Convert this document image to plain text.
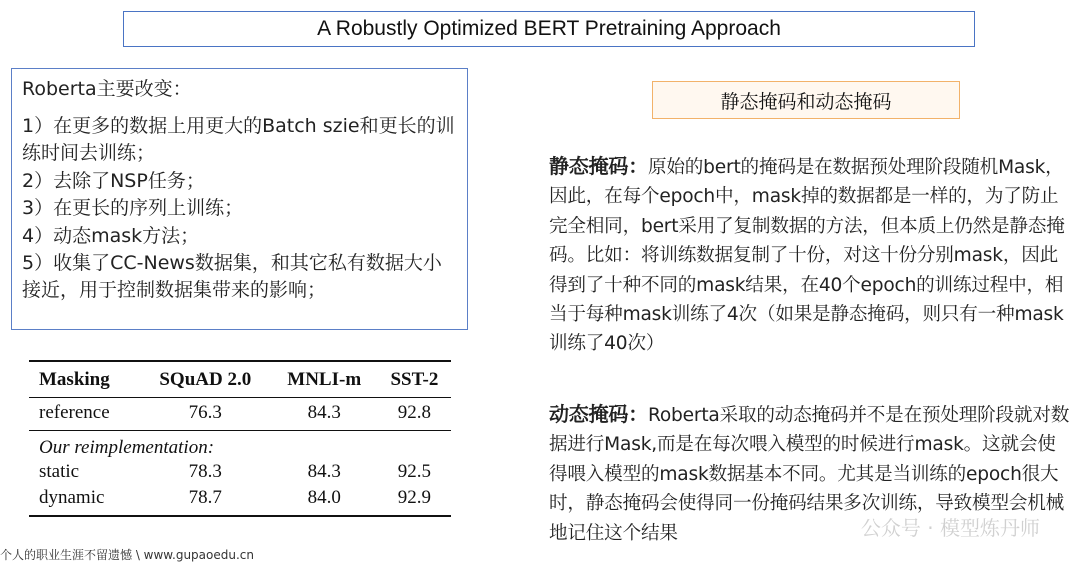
A Robustly Optimized BERT Pretraining Approach
Roberta主要改变：
1）在更多的数据上用更大的Batch szie和更长的训练时间去训练；
2）去除了NSP任务；
3）在更长的序列上训练；
4）动态mask方法；
5）收集了CC-News数据集，和其它私有数据大小接近，用于控制数据集带来的影响；
Masking	SQuAD 2.0	MNLI-m	SST-2
reference	76.3	84.3	92.8
Our reimplementation:			
static	78.3	84.3	92.5
dynamic	78.7	84.0	92.9
静态掩码和动态掩码
静态掩码：原始的bert的掩码是在数据预处理阶段随机Mask，因此，在每个epoch中，mask掉的数据都是一样的，为了防止完全相同，bert采用了复制数据的方法，但本质上仍然是静态掩码。比如：将训练数据复制了十份，对这十份分别mask，因此得到了十种不同的mask结果，在40个epoch的训练过程中，相当于每种mask训练了4次（如果是静态掩码，则只有一种mask训练了40次）
动态掩码：Roberta采取的动态掩码并不是在预处理阶段就对数据进行Mask,而是在每次喂入模型的时候进行mask。这就会使得喂入模型的mask数据基本不同。尤其是当训练的epoch很大时，静态掩码会使得同一份掩码结果多次训练，导致模型会机械地记住这个结果
个人的职业生涯不留遗憾 \ www.gupaoedu.cn
公众号 · 模型炼丹师
